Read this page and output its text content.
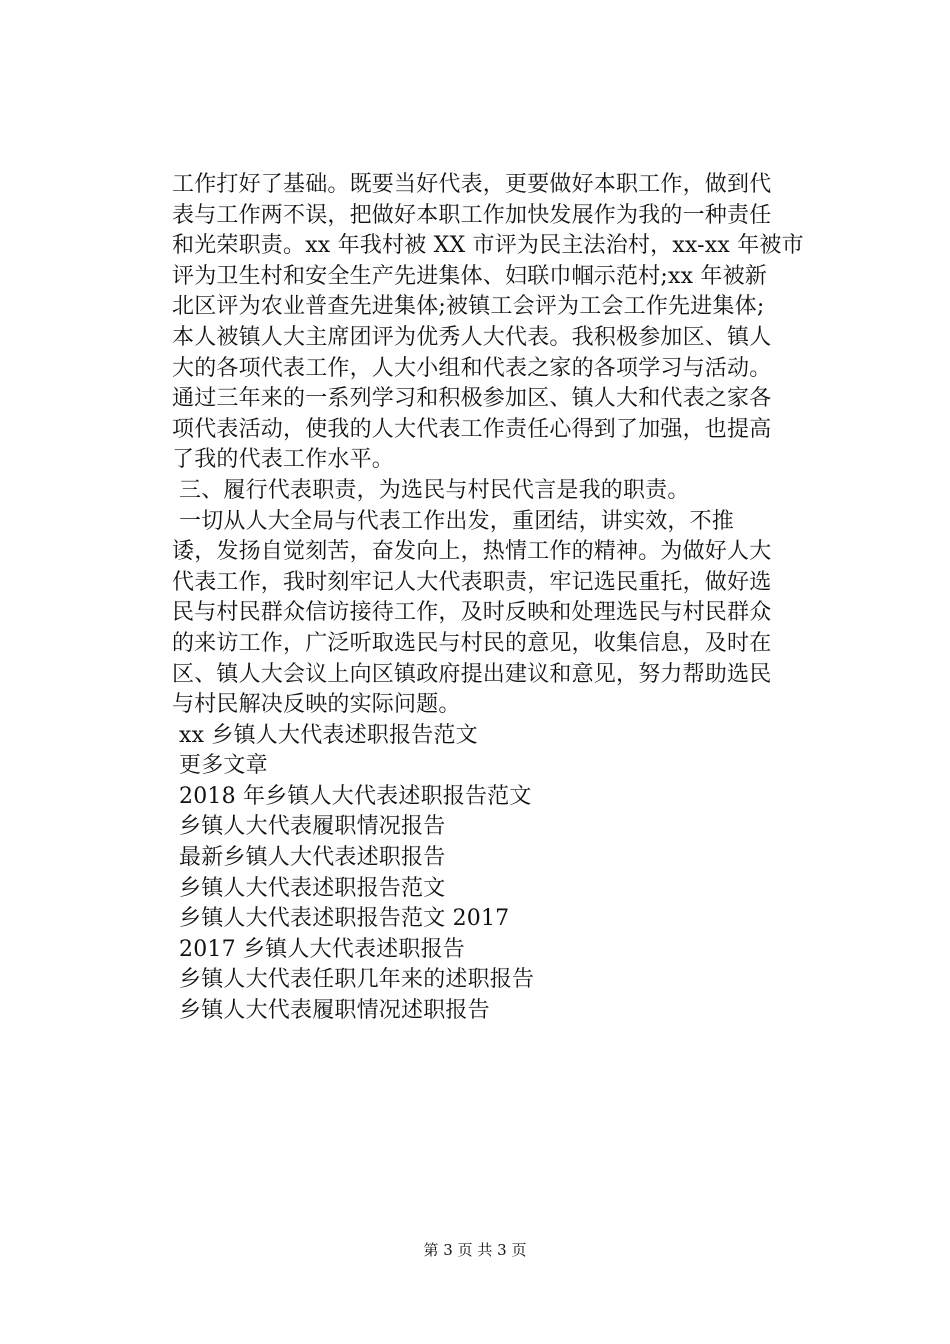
工作打好了基础。既要当好代表，更要做好本职工作，做到代
表与工作两不误，把做好本职工作加快发展作为我的一种责任
和光荣职责。xx 年我村被 XX 市评为民主法治村，xx-xx 年被市
评为卫生村和安全生产先进集体、妇联巾帼示范村;xx 年被新
北区评为农业普查先进集体;被镇工会评为工会工作先进集体;
本人被镇人大主席团评为优秀人大代表。我积极参加区、镇人
大的各项代表工作，人大小组和代表之家的各项学习与活动。
通过三年来的一系列学习和积极参加区、镇人大和代表之家各
项代表活动，使我的人大代表工作责任心得到了加强，也提高
了我的代表工作水平。
三、履行代表职责，为选民与村民代言是我的职责。
一切从人大全局与代表工作出发，重团结，讲实效，不推
诿，发扬自觉刻苦，奋发向上，热情工作的精神。为做好人大
代表工作，我时刻牢记人大代表职责，牢记选民重托，做好选
民与村民群众信访接待工作，及时反映和处理选民与村民群众
的来访工作，广泛听取选民与村民的意见，收集信息，及时在
区、镇人大会议上向区镇政府提出建议和意见，努力帮助选民
与村民解决反映的实际问题。
xx 乡镇人大代表述职报告范文
更多文章
2018 年乡镇人大代表述职报告范文
乡镇人大代表履职情况报告
最新乡镇人大代表述职报告
乡镇人大代表述职报告范文
乡镇人大代表述职报告范文 2017
2017 乡镇人大代表述职报告
乡镇人大代表任职几年来的述职报告
乡镇人大代表履职情况述职报告
第 3 页 共 3 页
